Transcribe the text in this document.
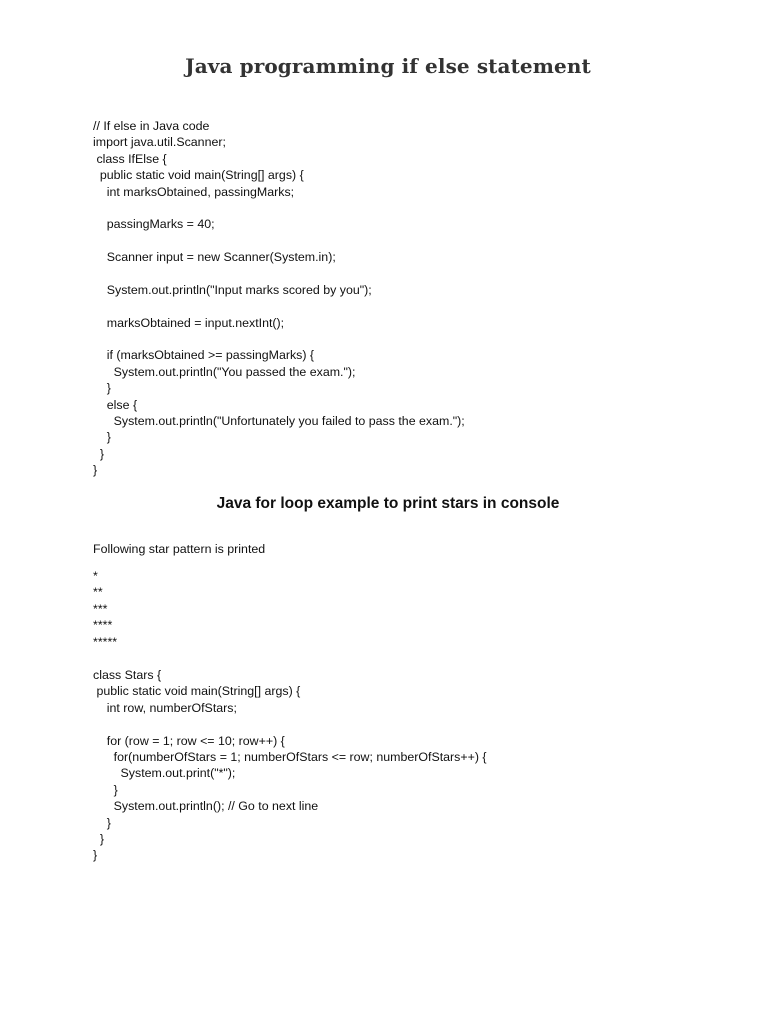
Java programming if else statement
// If else in Java code
import java.util.Scanner;
class IfElse {
public static void main(String[] args) {
int marksObtained, passingMarks;
passingMarks = 40;
Scanner input = new Scanner(System.in);
System.out.println("Input marks scored by you");
marksObtained = input.nextInt();
if (marksObtained >= passingMarks) {
System.out.println("You passed the exam.");
}
else {
System.out.println("Unfortunately you failed to pass the exam.");
}
}
}
Java for loop example to print stars in console

Following star pattern is printed

*
**
***
****
*****
class Stars {
public static void main(String[] args) {
int row, numberOfStars;
for (row = 1; row <= 10; row++) {
for(numberOfStars = 1; numberOfStars <= row; numberOfStars++) {
System.out.print("*");
}
System.out.println(); // Go to next line
}
}
}
